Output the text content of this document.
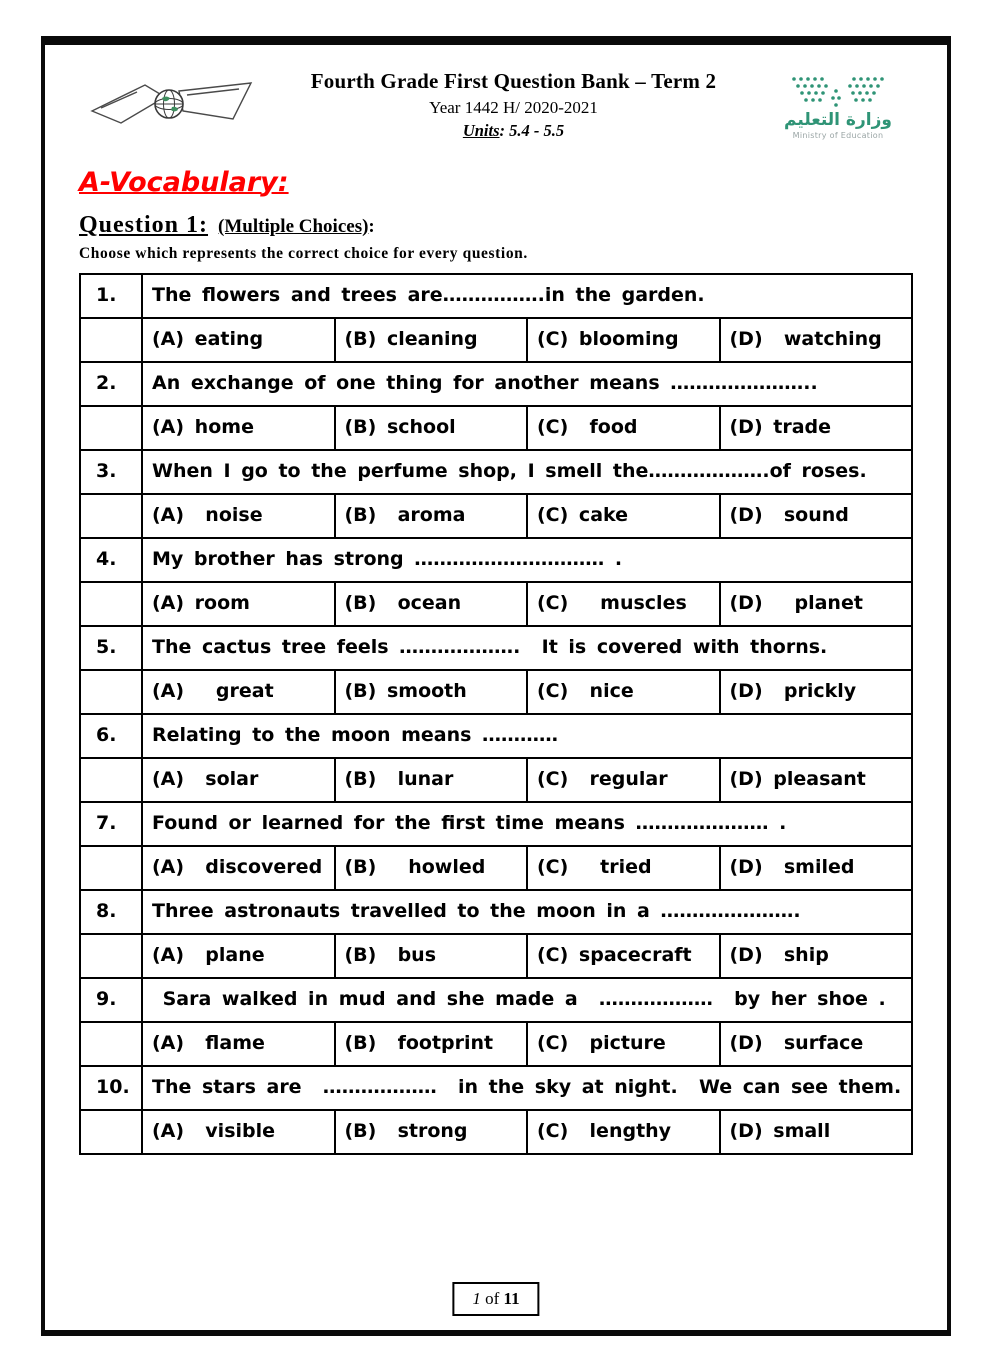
Fourth Grade First Question Bank – Term 2
Year 1442 H/ 2020-2021
Units: 5.4 - 5.5
وزارة التعليم
Ministry of Education
A-Vocabulary:
Question 1: (Multiple Choices):
Choose which represents the correct choice for every question.
1.	The flowers and trees are…………….in the garden.
(A) eating	(B) cleaning	(C) blooming	(D)  watching
2.	An exchange of one thing for another means …………………..
(A) home	(B) school	(C)  food	(D) trade
3.	When I go to the perfume shop, I smell the……………….of roses.
(A)  noise	(B)  aroma	(C) cake	(D)  sound
4.	My brother has strong ………………………… .
(A) room	(B)  ocean	(C)   muscles	(D)   planet
5.	The cactus tree feels ……………….  It is covered with thorns.
(A)   great	(B) smooth	(C)  nice	(D)  prickly
6.	Relating to the moon means …………
(A)  solar	(B)  lunar	(C)  regular	(D) pleasant
7.	Found or learned for the first time means ………………… .
(A)  discovered	(B)   howled	(C)   tried	(D)  smiled
8.	Three astronauts travelled to the moon in a ………………….
(A)  plane	(B)  bus	(C) spacecraft	(D)  ship
9.	Sara walked in mud and she made a  ………………  by her shoe .
(A)  flame	(B)  footprint	(C)  picture	(D)  surface
10.	The stars are  ………………  in the sky at night.  We can see them.
(A)  visible	(B)  strong	(C)  lengthy	(D) small
1 of 11
